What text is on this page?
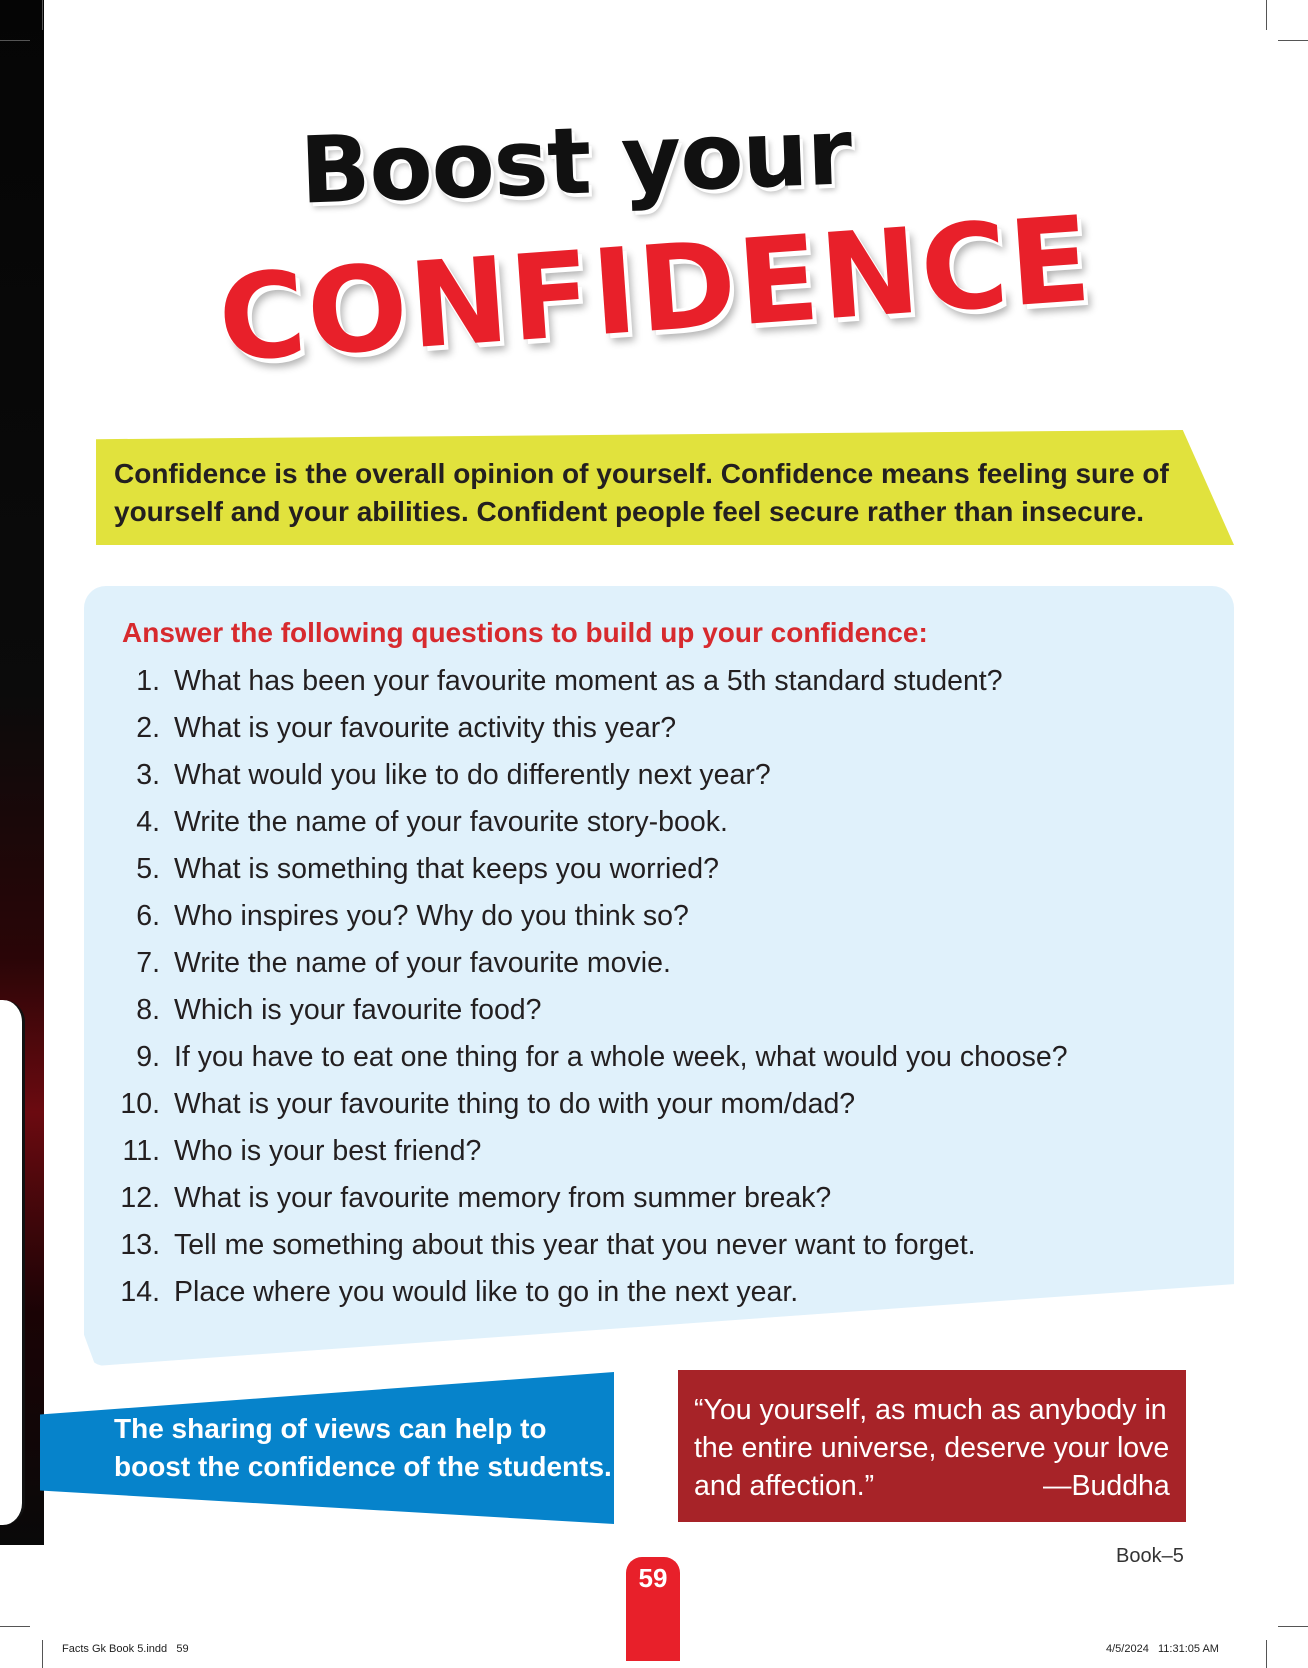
Boost your
CONFIDENCE
Confidence is the overall opinion of yourself. Confidence means feeling sure of yourself and your abilities. Confident people feel secure rather than insecure.
Answer the following questions to build up your confidence:
1. What has been your favourite moment as a 5th standard student?
2. What is your favourite activity this year?
3. What would you like to do differently next year?
4. Write the name of your favourite story-book.
5. What is something that keeps you worried?
6. Who inspires you? Why do you think so?
7. Write the name of your favourite movie.
8. Which is your favourite food?
9. If you have to eat one thing for a whole week, what would you choose?
10. What is your favourite thing to do with your mom/dad?
11. Who is your best friend?
12. What is your favourite memory from summer break?
13. Tell me something about this year that you never want to forget.
14. Place where you would like to go in the next year.
The sharing of views can help to boost the confidence of the students.
“You yourself, as much as anybody in the entire universe, deserve your love and affection.”	—Buddha
Book–5
59
Facts Gk Book 5.indd   59	4/5/2024   11:31:05 AM
